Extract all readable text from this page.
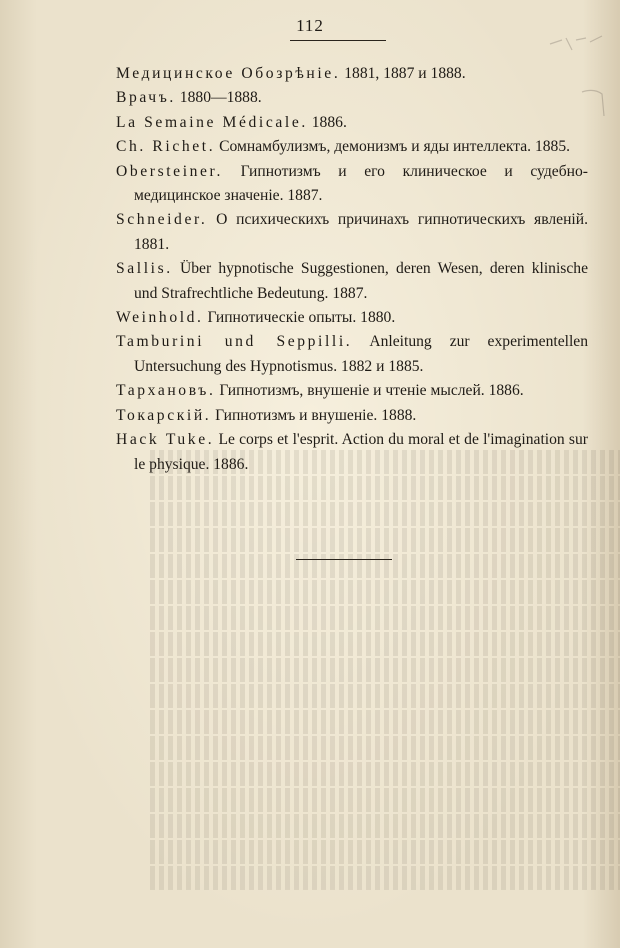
112

Медицинское Обозрѣніе. 1881, 1887 и 1888.

Врачъ. 1880—1888.

La Semaine Médicale. 1886.

Ch. Richet. Сомнамбулизмъ, демонизмъ и яды интеллекта. 1885.

Obersteiner. Гипнотизмъ и его клиническое и судебно-медицинское значеніе. 1887.

Schneider. О психическихъ причинахъ гипнотическихъ явленій. 1881.

Sallis. Über hypnotische Suggestionen, deren Wesen, deren klinische und Strafrechtliche Bedeutung. 1887.

Weinhold. Гипнотическіе опыты. 1880.

Tamburini und Seppilli. Anleitung zur experimentellen Untersuchung des Hypnotismus. 1882 и 1885.

Тархановъ. Гипнотизмъ, внушеніе и чтеніе мыслей. 1886.

Токарскій. Гипнотизмъ и внушеніе. 1888.

Hack Tuke. Le corps et l'esprit. Action du moral et de l'imagination sur le physique. 1886.
